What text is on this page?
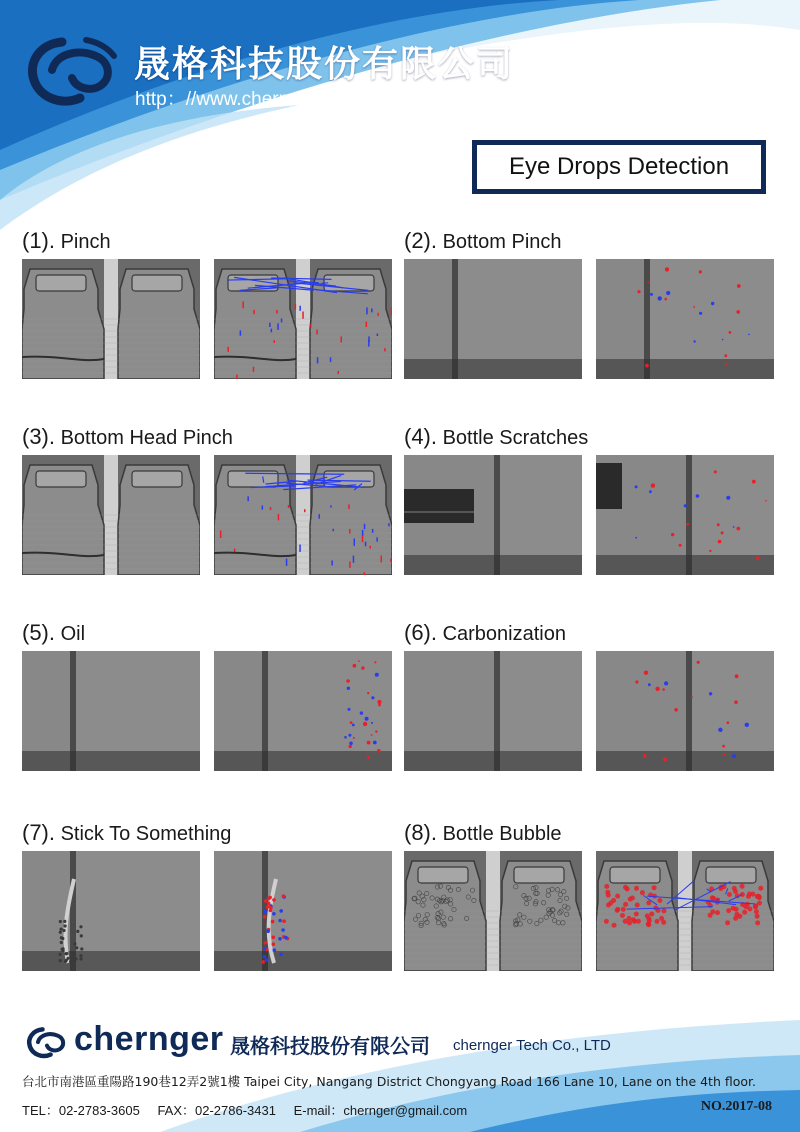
晟格科技股份有限公司
http：//www.chernger.com
Eye Drops Detection
(1). Pinch	(2). Bottom Pinch
(3). Bottom Head Pinch	(4). Bottle Scratches
(5). Oil	(6). Carbonization
(7). Stick To Something	(8). Bottle Bubble
chernger 晟格科技股份有限公司 chernger Tech Co., LTD
台北市南港區重陽路190巷12弄2號1樓 Taipei City, Nangang District Chongyang Road 166 Lane 10, Lane on the 4th floor.
TEL：02-2783-3605 FAX：02-2786-3431 E-mail：chernger@gmail.com	NO.2017-08
